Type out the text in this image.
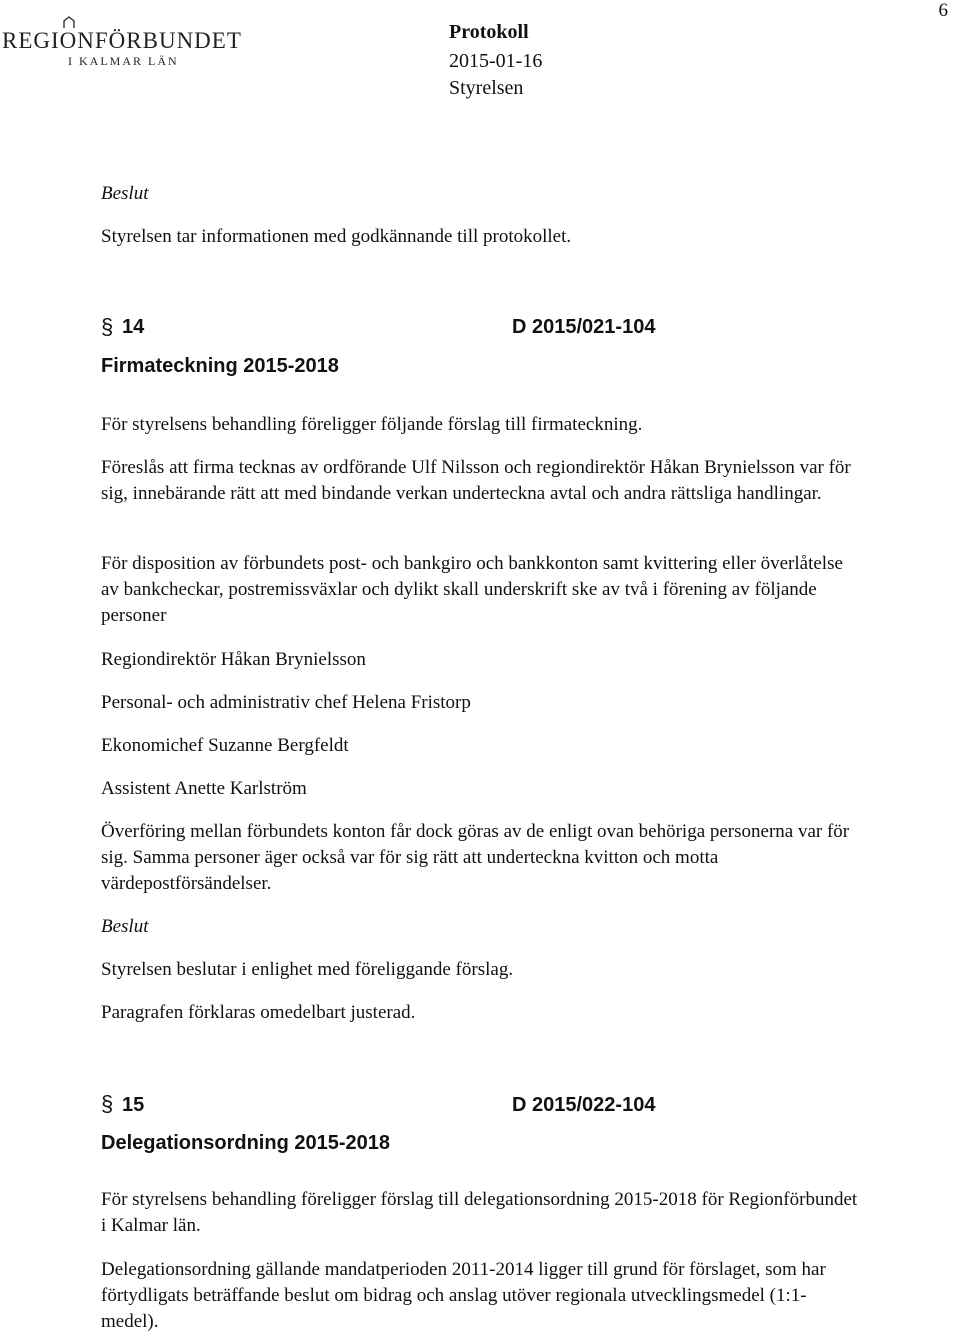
6
REGIONFÖRBUNDET
I KALMAR LÄN
Protokoll
2015-01-16
Styrelsen
Beslut
Styrelsen tar informationen med godkännande till protokollet.
§ 14	D 2015/021-104
Firmateckning 2015-2018
För styrelsens behandling föreligger följande förslag till firmateckning.
Föreslås att firma tecknas av ordförande Ulf Nilsson och regiondirektör Håkan Brynielsson var för sig, innebärande rätt att med bindande verkan underteckna avtal och andra rättsliga handlingar.
För disposition av förbundets post- och bankgiro och bankkonton samt kvittering eller överlåtelse av bankcheckar, postremissväxlar och dylikt skall underskrift ske av två i förening av följande personer
Regiondirektör Håkan Brynielsson
Personal- och administrativ chef Helena Fristorp
Ekonomichef Suzanne Bergfeldt
Assistent Anette Karlström
Överföring mellan förbundets konton får dock göras av de enligt ovan behöriga personerna var för sig. Samma personer äger också var för sig rätt att underteckna kvitton och motta värdepostförsändelser.
Beslut
Styrelsen beslutar i enlighet med föreliggande förslag.
Paragrafen förklaras omedelbart justerad.
§ 15	D 2015/022-104
Delegationsordning 2015-2018
För styrelsens behandling föreligger förslag till delegationsordning 2015-2018 för Regionförbundet i Kalmar län.
Delegationsordning gällande mandatperioden 2011-2014 ligger till grund för förslaget, som har förtydligats beträffande beslut om bidrag och anslag utöver regionala utvecklingsmedel (1:1-medel).
